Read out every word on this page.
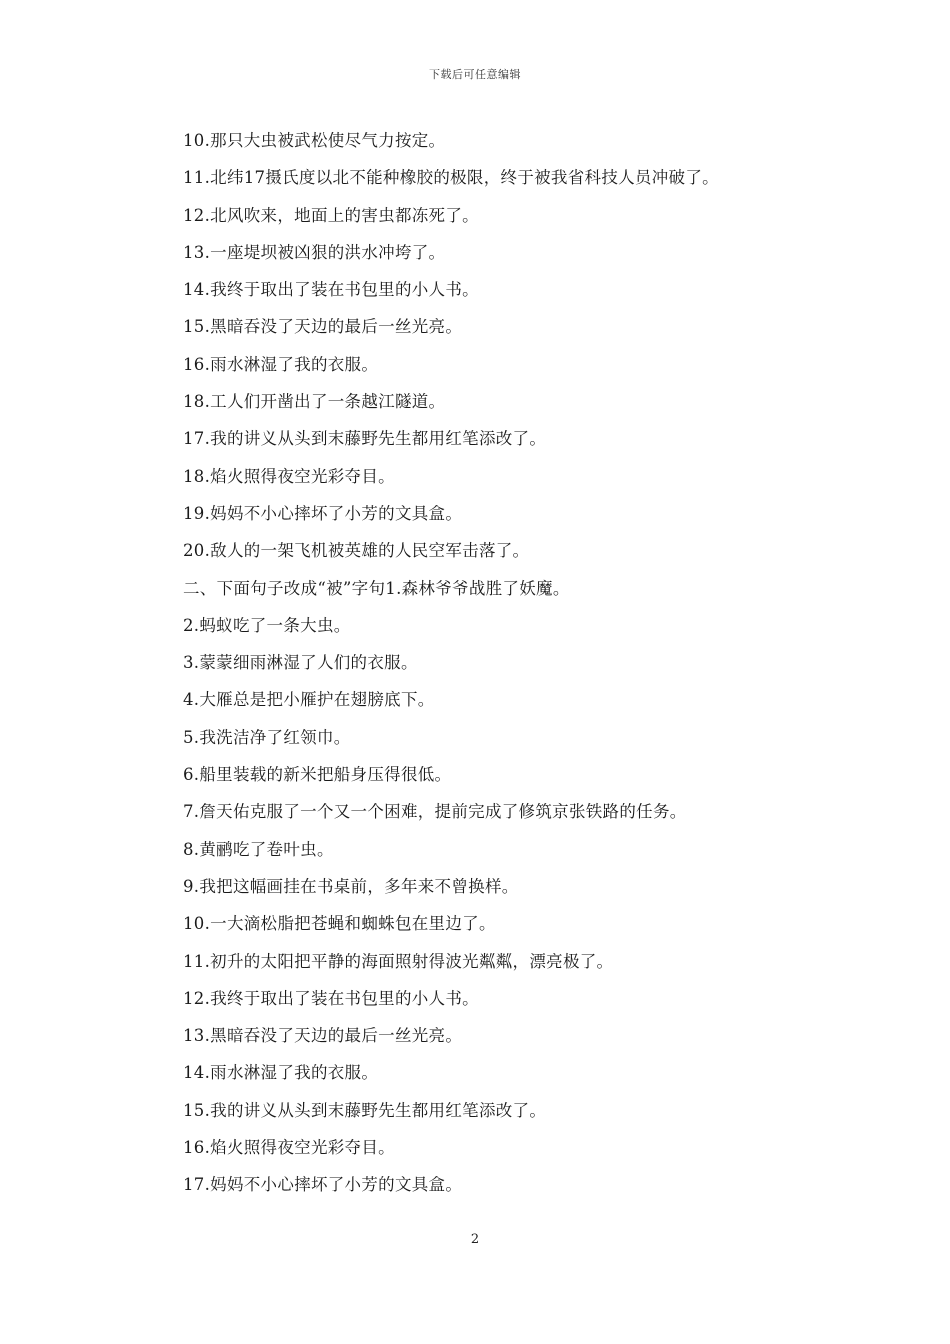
下载后可任意编辑
10.那只大虫被武松使尽气力按定。
11.北纬17摄氏度以北不能种橡胶的极限，终于被我省科技人员冲破了。
12.北风吹来，地面上的害虫都冻死了。
13.一座堤坝被凶狠的洪水冲垮了。
14.我终于取出了装在书包里的小人书。
15.黑暗吞没了天边的最后一丝光亮。
16.雨水淋湿了我的衣服。
18.工人们开凿出了一条越江隧道。
17.我的讲义从头到末藤野先生都用红笔添改了。
18.焰火照得夜空光彩夺目。
19.妈妈不小心摔坏了小芳的文具盒。
20.敌人的一架飞机被英雄的人民空军击落了。
二、下面句子改成“被”字句1.森林爷爷战胜了妖魔。
2.蚂蚁吃了一条大虫。
3.蒙蒙细雨淋湿了人们的衣服。
4.大雁总是把小雁护在翅膀底下。
5.我洗洁净了红领巾。
6.船里装载的新米把船身压得很低。
7.詹天佑克服了一个又一个困难，提前完成了修筑京张铁路的任务。
8.黄鹂吃了卷叶虫。
9.我把这幅画挂在书桌前，多年来不曾换样。
10.一大滴松脂把苍蝇和蜘蛛包在里边了。
11.初升的太阳把平静的海面照射得波光粼粼，漂亮极了。
12.我终于取出了装在书包里的小人书。
13.黑暗吞没了天边的最后一丝光亮。
14.雨水淋湿了我的衣服。
15.我的讲义从头到末藤野先生都用红笔添改了。
16.焰火照得夜空光彩夺目。
17.妈妈不小心摔坏了小芳的文具盒。
2
